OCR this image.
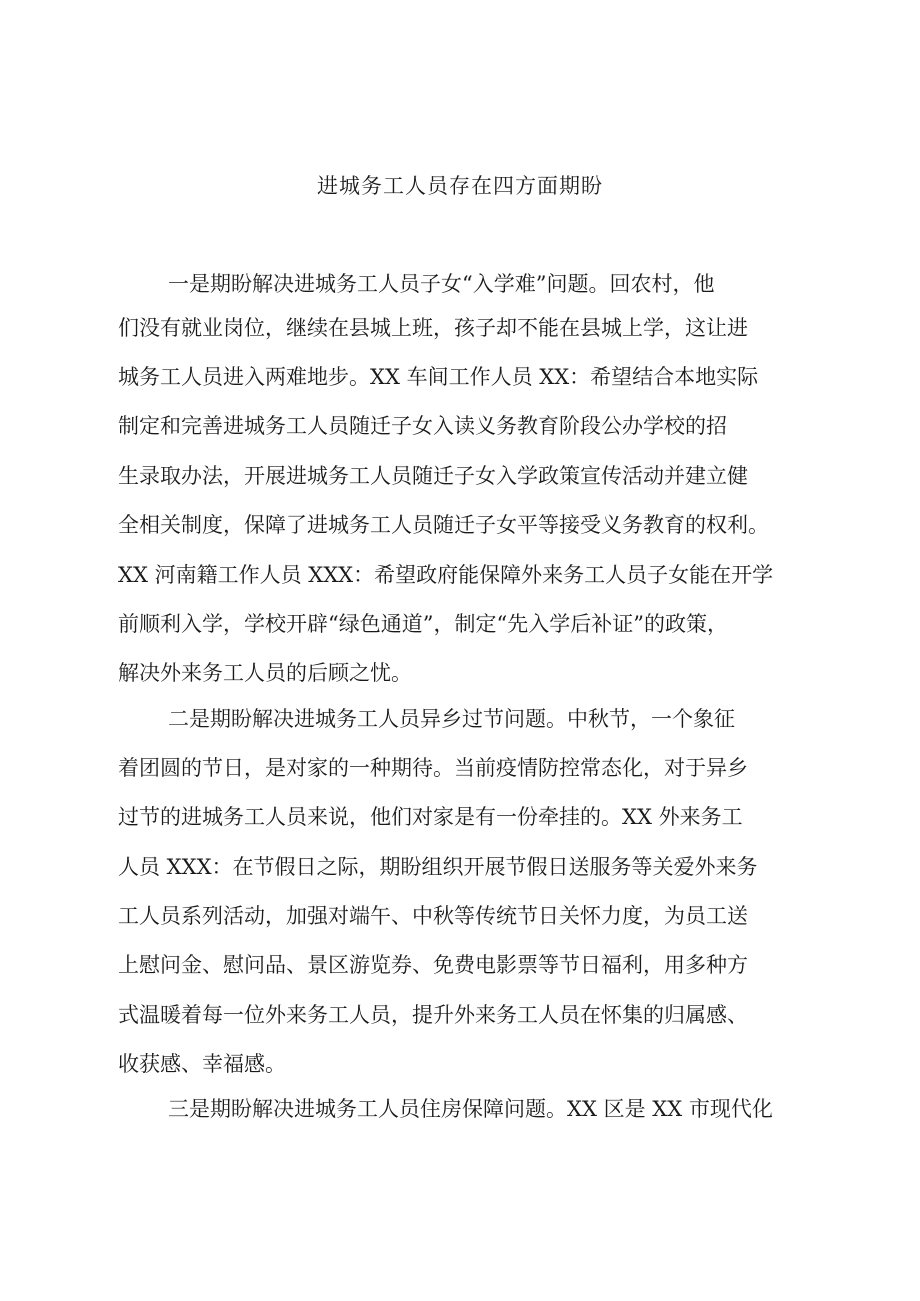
进城务工人员存在四方面期盼
一是期盼解决进城务工人员子女“入学难”问题。回农村，他
们没有就业岗位，继续在县城上班，孩子却不能在县城上学，这让进
城务工人员进入两难地步。XX 车间工作人员 XX：希望结合本地实际
制定和完善进城务工人员随迁子女入读义务教育阶段公办学校的招
生录取办法，开展进城务工人员随迁子女入学政策宣传活动并建立健
全相关制度，保障了进城务工人员随迁子女平等接受义务教育的权利。
XX 河南籍工作人员 XXX：希望政府能保障外来务工人员子女能在开学
前顺利入学，学校开辟“绿色通道”，制定“先入学后补证”的政策，
解决外来务工人员的后顾之忧。
二是期盼解决进城务工人员异乡过节问题。中秋节，一个象征
着团圆的节日，是对家的一种期待。当前疫情防控常态化，对于异乡
过节的进城务工人员来说，他们对家是有一份牵挂的。XX 外来务工
人员 XXX：在节假日之际，期盼组织开展节假日送服务等关爱外来务
工人员系列活动，加强对端午、中秋等传统节日关怀力度，为员工送
上慰问金、慰问品、景区游览券、免费电影票等节日福利，用多种方
式温暖着每一位外来务工人员，提升外来务工人员在怀集的归属感、
收获感、幸福感。
三是期盼解决进城务工人员住房保障问题。XX 区是 XX 市现代化
